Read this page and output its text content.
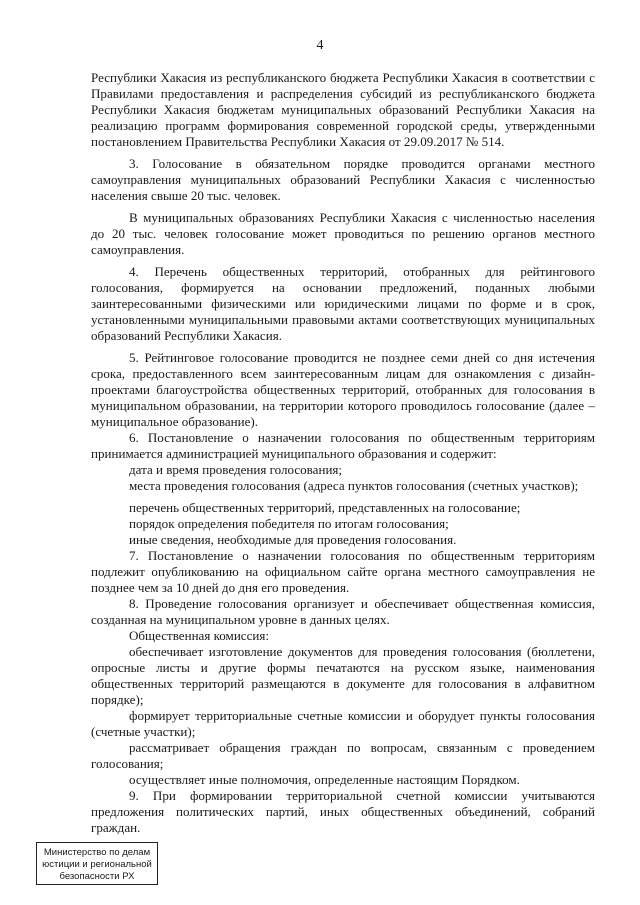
4

Республики Хакасия из республиканского бюджета Республики Хакасия в соответствии с Правилами предоставления и распределения субсидий из республиканского бюджета Республики Хакасия бюджетам муниципальных образований Республики Хакасия на реализацию программ формирования современной городской среды, утвержденными постановлением Правительства Республики Хакасия от 29.09.2017 № 514.

3. Голосование в обязательном порядке проводится органами местного самоуправления муниципальных образований Республики Хакасия с численностью населения свыше 20 тыс. человек.

В муниципальных образованиях Республики Хакасия с численностью населения до 20 тыс. человек голосование может проводиться по решению органов местного самоуправления.

4. Перечень общественных территорий, отобранных для рейтингового голосования, формируется на основании предложений, поданных любыми заинтересованными физическими или юридическими лицами по форме и в срок, установленными муниципальными правовыми актами соответствующих муниципальных образований Республики Хакасия.

5. Рейтинговое голосование проводится не позднее семи дней со дня истечения срока, предоставленного всем заинтересованным лицам для ознакомления с дизайн-проектами благоустройства общественных территорий, отобранных для голосования в муниципальном образовании, на территории которого проводилось голосование (далее – муниципальное образование).

6. Постановление о назначении голосования по общественным территориям принимается администрацией муниципального образования и содержит:

дата и время проведения голосования;

места проведения голосования (адреса пунктов голосования (счетных участков);

перечень общественных территорий, представленных на голосование;

порядок определения победителя по итогам голосования;

иные сведения, необходимые для проведения голосования.

7. Постановление о назначении голосования по общественным территориям подлежит опубликованию на официальном сайте органа местного самоуправления не позднее чем за 10 дней до дня его проведения.

8. Проведение голосования организует и обеспечивает общественная комиссия, созданная на муниципальном уровне в данных целях.

Общественная комиссия:

обеспечивает изготовление документов для проведения голосования (бюллетени, опросные листы и другие формы печатаются на русском языке, наименования общественных территорий размещаются в документе для голосования в алфавитном порядке);

формирует территориальные счетные комиссии и оборудует пункты голосования (счетные участки);

рассматривает обращения граждан по вопросам, связанным с проведением голосования;

осуществляет иные полномочия, определенные настоящим Порядком.

9. При формировании территориальной счетной комиссии учитываются предложения политических партий, иных общественных объединений, собраний граждан.

Министерство по делам
юстиции и региональной
безопасности РХ
